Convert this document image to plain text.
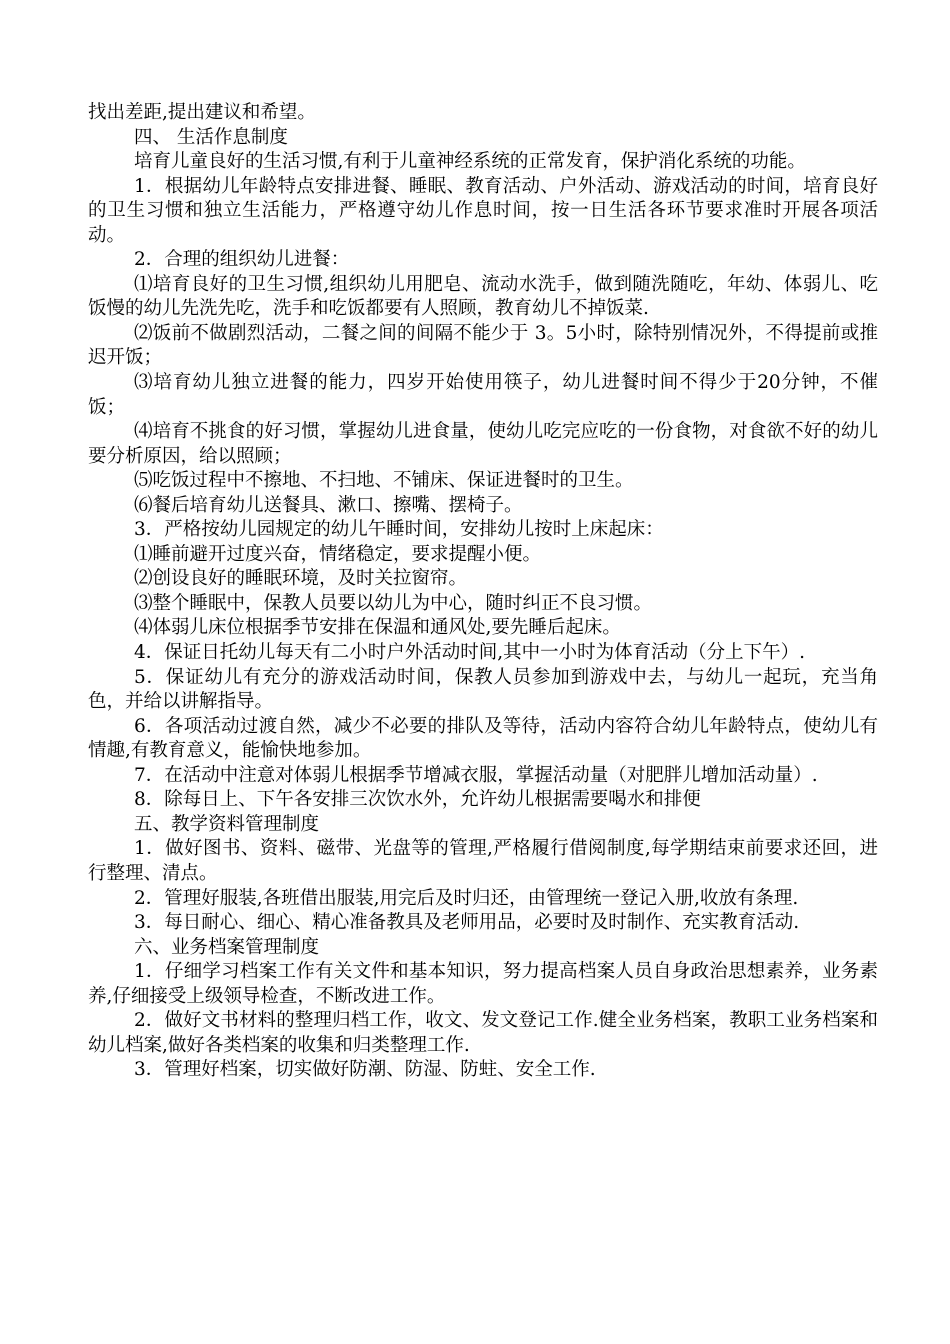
找出差距,提出建议和希望。

四、 生活作息制度

培育儿童良好的生活习惯,有利于儿童神经系统的正常发育，保护消化系统的功能。

1．根据幼儿年龄特点安排进餐、睡眠、教育活动、户外活动、游戏活动的时间，培育良好的卫生习惯和独立生活能力，严格遵守幼儿作息时间，按一日生活各环节要求准时开展各项活动。

2．合理的组织幼儿进餐：

⑴培育良好的卫生习惯,组织幼儿用肥皂、流动水洗手，做到随洗随吃，年幼、体弱儿、吃饭慢的幼儿先洗先吃，洗手和吃饭都要有人照顾，教育幼儿不掉饭菜.

⑵饭前不做剧烈活动，二餐之间的间隔不能少于 3。5小时，除特别情况外，不得提前或推迟开饭；

⑶培育幼儿独立进餐的能力，四岁开始使用筷子，幼儿进餐时间不得少于20分钟，不催饭；

⑷培育不挑食的好习惯，掌握幼儿进食量，使幼儿吃完应吃的一份食物，对食欲不好的幼儿要分析原因，给以照顾；

⑸吃饭过程中不擦地、不扫地、不铺床、保证进餐时的卫生。

⑹餐后培育幼儿送餐具、漱口、擦嘴、摆椅子。

3．严格按幼儿园规定的幼儿午睡时间，安排幼儿按时上床起床：

⑴睡前避开过度兴奋，情绪稳定，要求提醒小便。

⑵创设良好的睡眠环境，及时关拉窗帘。

⑶整个睡眠中，保教人员要以幼儿为中心，随时纠正不良习惯。

⑷体弱儿床位根据季节安排在保温和通风处,要先睡后起床。

4．保证日托幼儿每天有二小时户外活动时间,其中一小时为体育活动（分上下午）.

5．保证幼儿有充分的游戏活动时间，保教人员参加到游戏中去，与幼儿一起玩，充当角色，并给以讲解指导。

6．各项活动过渡自然，减少不必要的排队及等待，活动内容符合幼儿年龄特点，使幼儿有情趣,有教育意义，能愉快地参加。

7．在活动中注意对体弱儿根据季节增减衣服，掌握活动量（对肥胖儿增加活动量）.

8．除每日上、下午各安排三次饮水外，允许幼儿根据需要喝水和排便

五、教学资料管理制度

1．做好图书、资料、磁带、光盘等的管理,严格履行借阅制度,每学期结束前要求还回，进行整理、清点。

2．管理好服装,各班借出服装,用完后及时归还，由管理统一登记入册,收放有条理.

3．每日耐心、细心、精心准备教具及老师用品，必要时及时制作、充实教育活动.

六、业务档案管理制度

1．仔细学习档案工作有关文件和基本知识，努力提高档案人员自身政治思想素养，业务素养,仔细接受上级领导检查，不断改进工作。

2．做好文书材料的整理归档工作，收文、发文登记工作.健全业务档案，教职工业务档案和幼儿档案,做好各类档案的收集和归类整理工作.

3．管理好档案，切实做好防潮、防湿、防蛀、安全工作.
